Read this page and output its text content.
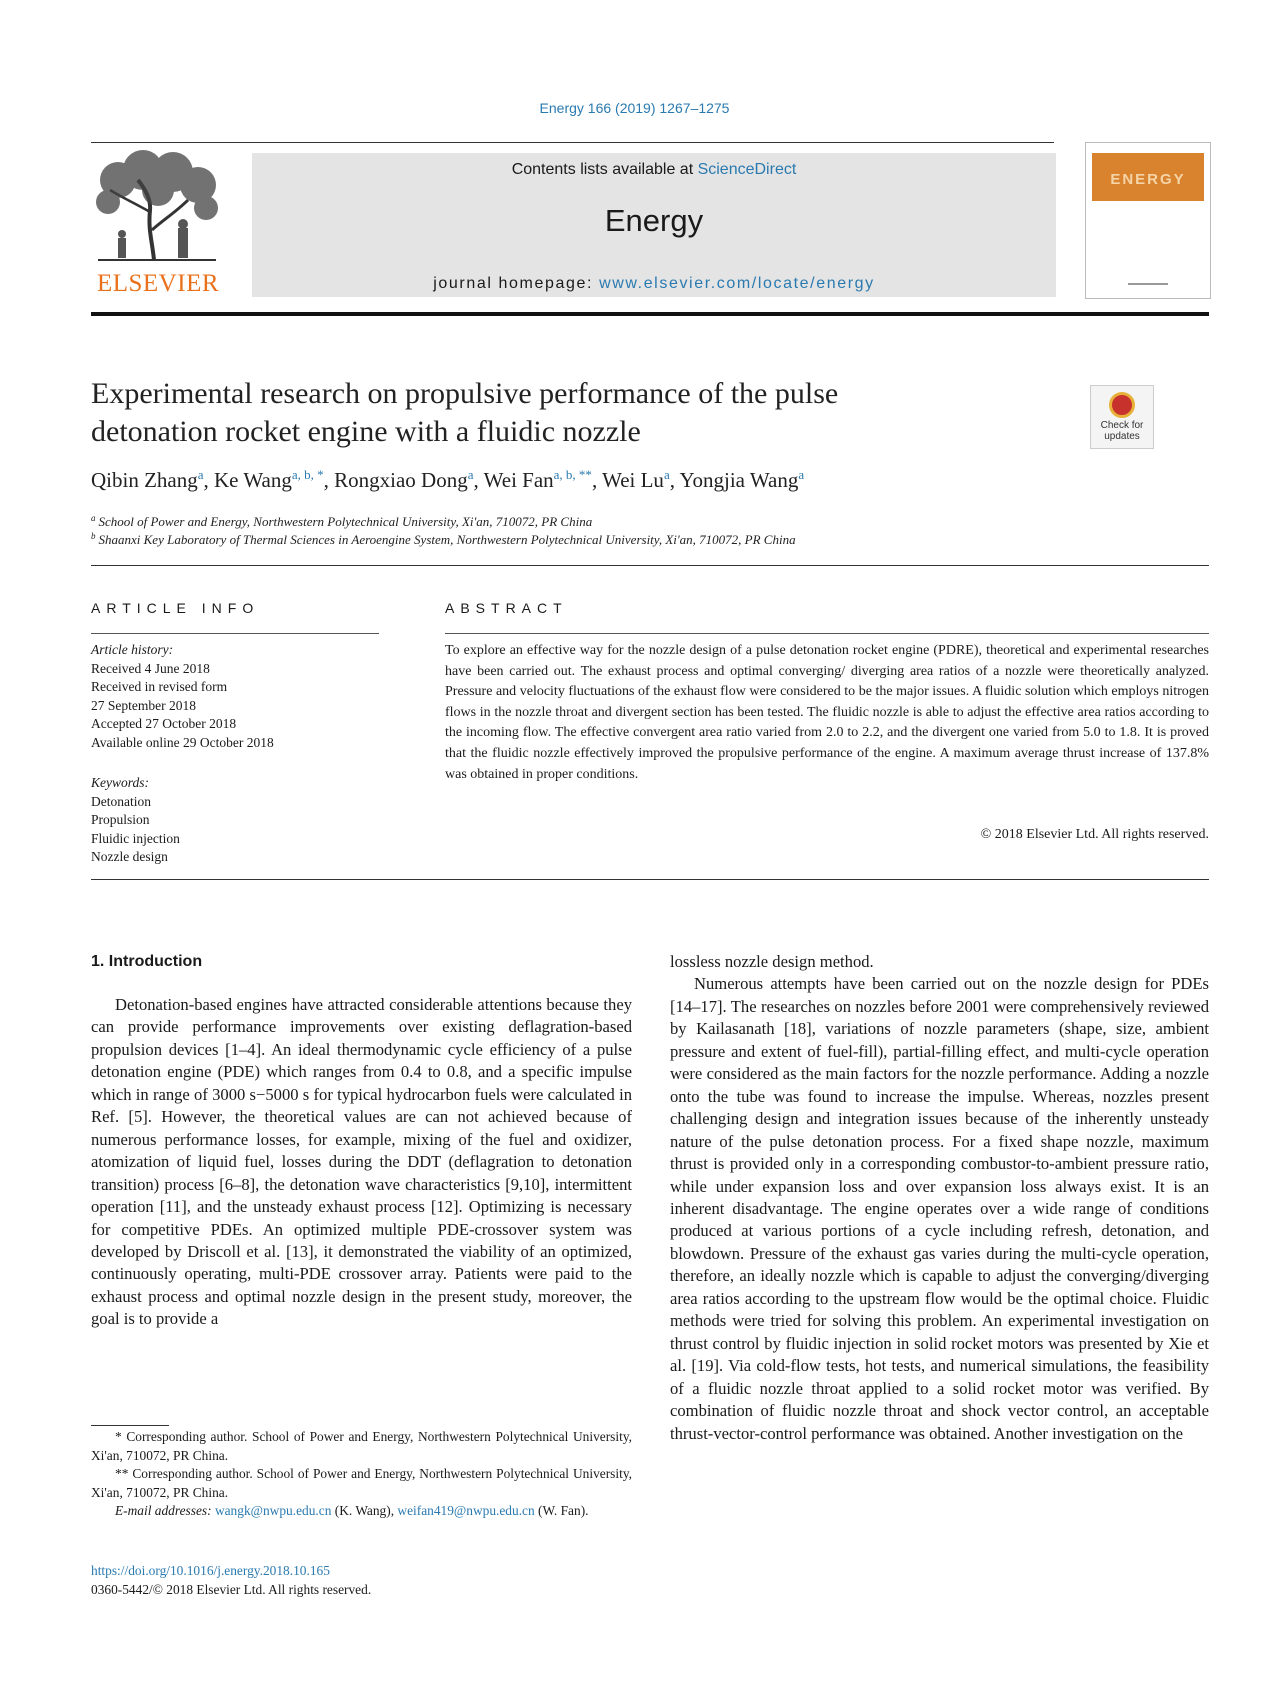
Energy 166 (2019) 1267–1275
ELSEVIER
Contents lists available at ScienceDirect
Energy
journal homepage: www.elsevier.com/locate/energy
ENERGY
Experimental research on propulsive performance of the pulse
detonation rocket engine with a fluidic nozzle	Check for
updates
Qibin Zhang$^a$, Ke Wang$^{a, b, *}$, Rongxiao Dong$^a$, Wei Fan$^{a, b, **}$, Wei Lu$^a$, Yongjia Wang$^a$
$^a$ School of Power and Energy, Northwestern Polytechnical University, Xi'an, 710072, PR China
$^b$ Shaanxi Key Laboratory of Thermal Sciences in Aeroengine System, Northwestern Polytechnical University, Xi'an, 710072, PR China
ARTICLE INFO
Article history:
Received 4 June 2018
Received in revised form
27 September 2018
Accepted 27 October 2018
Available online 29 October 2018
Keywords:
Detonation
Propulsion
Fluidic injection
Nozzle design
ABSTRACT
To explore an effective way for the nozzle design of a pulse detonation rocket engine (PDRE), theoretical and experimental researches have been carried out. The exhaust process and optimal converging/ diverging area ratios of a nozzle were theoretically analyzed. Pressure and velocity fluctuations of the exhaust flow were considered to be the major issues. A fluidic solution which employs nitrogen flows in the nozzle throat and divergent section has been tested. The fluidic nozzle is able to adjust the effective area ratios according to the incoming flow. The effective convergent area ratio varied from 2.0 to 2.2, and the divergent one varied from 5.0 to 1.8. It is proved that the fluidic nozzle effectively improved the propulsive performance of the engine. A maximum average thrust increase of 137.8% was obtained in proper conditions.
© 2018 Elsevier Ltd. All rights reserved.
1. Introduction

Detonation-based engines have attracted considerable attentions because they can provide performance improvements over existing deflagration-based propulsion devices [1–4]. An ideal thermodynamic cycle efficiency of a pulse detonation engine (PDE) which ranges from 0.4 to 0.8, and a specific impulse which in range of 3000 s−5000 s for typical hydrocarbon fuels were calculated in Ref. [5]. However, the theoretical values are can not achieved because of numerous performance losses, for example, mixing of the fuel and oxidizer, atomization of liquid fuel, losses during the DDT (deflagration to detonation transition) process [6–8], the detonation wave characteristics [9,10], intermittent operation [11], and the unsteady exhaust process [12]. Optimizing is necessary for competitive PDEs. An optimized multiple PDE-crossover system was developed by Driscoll et al. [13], it demonstrated the viability of an optimized, continuously operating, multi-PDE crossover array. Patients were paid to the exhaust process and optimal nozzle design in the present study, moreover, the goal is to provide a

lossless nozzle design method.

Numerous attempts have been carried out on the nozzle design for PDEs [14–17]. The researches on nozzles before 2001 were comprehensively reviewed by Kailasanath [18], variations of nozzle parameters (shape, size, ambient pressure and extent of fuel-fill), partial-filling effect, and multi-cycle operation were considered as the main factors for the nozzle performance. Adding a nozzle onto the tube was found to increase the impulse. Whereas, nozzles present challenging design and integration issues because of the inherently unsteady nature of the pulse detonation process. For a fixed shape nozzle, maximum thrust is provided only in a corresponding combustor-to-ambient pressure ratio, while under expansion loss and over expansion loss always exist. It is an inherent disadvantage. The engine operates over a wide range of conditions produced at various portions of a cycle including refresh, detonation, and blowdown. Pressure of the exhaust gas varies during the multi-cycle operation, therefore, an ideally nozzle which is capable to adjust the converging/diverging area ratios according to the upstream flow would be the optimal choice. Fluidic methods were tried for solving this problem. An experimental investigation on thrust control by fluidic injection in solid rocket motors was presented by Xie et al. [19]. Via cold-flow tests, hot tests, and numerical simulations, the feasibility of a fluidic nozzle throat applied to a solid rocket motor was verified. By combination of fluidic nozzle throat and shock vector control, an acceptable thrust-vector-control performance was obtained. Another investigation on the

* Corresponding author. School of Power and Energy, Northwestern Polytechnical University, Xi'an, 710072, PR China.
** Corresponding author. School of Power and Energy, Northwestern Polytechnical University, Xi'an, 710072, PR China.
E-mail addresses: wangk@nwpu.edu.cn (K. Wang), weifan419@nwpu.edu.cn (W. Fan).
https://doi.org/10.1016/j.energy.2018.10.165
0360-5442/© 2018 Elsevier Ltd. All rights reserved.
